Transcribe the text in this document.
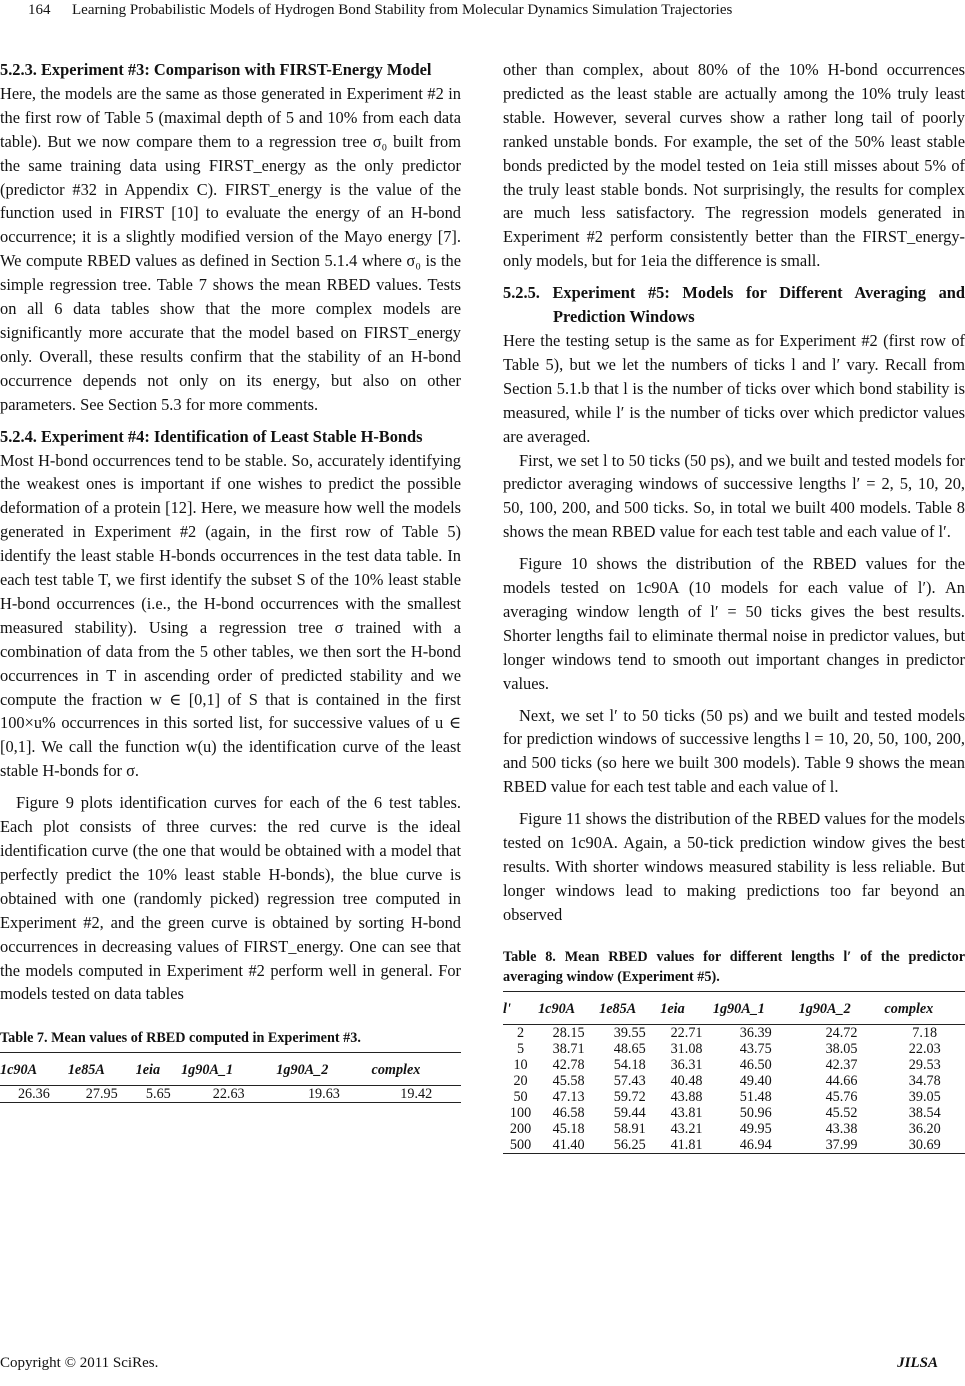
164 Learning Probabilistic Models of Hydrogen Bond Stability from Molecular Dynamics Simulation Trajectories
5.2.3. Experiment #3: Comparison with FIRST-Energy Model

Here, the models are the same as those generated in Experiment #2 in the first row of Table 5 (maximal depth of 5 and 10% from each data table). But we now compare them to a regression tree σ₀ built from the same training data using FIRST_energy as the only predictor (predictor #32 in Appendix C). FIRST_energy is the value of the function used in FIRST [10] to evaluate the energy of an H-bond occurrence; it is a slightly modified version of the Mayo energy [7]. We compute RBED values as defined in Section 5.1.4 where σ₀ is the simple regression tree. Table 7 shows the mean RBED values. Tests on all 6 data tables show that the more complex models are significantly more accurate that the model based on FIRST_energy only. Overall, these results confirm that the stability of an H-bond occurrence depends not only on its energy, but also on other parameters. See Section 5.3 for more comments.

5.2.4. Experiment #4: Identification of Least Stable H-Bonds

Most H-bond occurrences tend to be stable. So, accurately identifying the weakest ones is important if one wishes to predict the possible deformation of a protein [12]. Here, we measure how well the models generated in Experiment #2 (again, in the first row of Table 5) identify the least stable H-bonds occurrences in the test data table. In each test table T, we first identify the subset S of the 10% least stable H-bond occurrences (i.e., the H-bond occurrences with the smallest measured stability). Using a regression tree σ trained with a combination of data from the 5 other tables, we then sort the H-bond occurrences in T in ascending order of predicted stability and we compute the fraction w ∈ [0,1] of S that is contained in the first 100×u% occurrences in this sorted list, for successive values of u ∈ [0,1]. We call the function w(u) the identification curve of the least stable H-bonds for σ.

Figure 9 plots identification curves for each of the 6 test tables. Each plot consists of three curves: the red curve is the ideal identification curve (the one that would be obtained with a model that perfectly predict the 10% least stable H-bonds), the blue curve is obtained with one (randomly picked) regression tree computed in Experiment #2, and the green curve is obtained by sorting H-bond occurrences in decreasing values of FIRST_energy. One can see that the models computed in Experiment #2 perform well in general. For models tested on data tables

Table 7. Mean values of RBED computed in Experiment #3.
1c90A	1e85A	1eia	1g90A_1	1g90A_2	complex
26.36	27.95	5.65	22.63	19.63	19.42

other than complex, about 80% of the 10% H-bond occurrences predicted as the least stable are actually among the 10% truly least stable. However, several curves show a rather long tail of poorly ranked unstable bonds. For example, the set of the 50% least stable bonds predicted by the model tested on 1eia still misses about 5% of the truly least stable bonds. Not surprisingly, the results for complex are much less satisfactory. The regression models generated in Experiment #2 perform consistently better than the FIRST_energy-only models, but for 1eia the difference is small.

5.2.5. Experiment #5: Models for Different Averaging and Prediction Windows

Here the testing setup is the same as for Experiment #2 (first row of Table 5), but we let the numbers of ticks l and l′ vary. Recall from Section 5.1.b that l is the number of ticks over which bond stability is measured, while l′ is the number of ticks over which predictor values are averaged.

First, we set l to 50 ticks (50 ps), and we built and tested models for predictor averaging windows of successive lengths l′ = 2, 5, 10, 20, 50, 100, 200, and 500 ticks. So, in total we built 400 models. Table 8 shows the mean RBED value for each test table and each value of l′.

Figure 10 shows the distribution of the RBED values for the models tested on 1c90A (10 models for each value of l′). An averaging window length of l′ = 50 ticks gives the best results. Shorter lengths fail to eliminate thermal noise in predictor values, but longer windows tend to smooth out important changes in predictor values.

Next, we set l′ to 50 ticks (50 ps) and we built and tested models for prediction windows of successive lengths l = 10, 20, 50, 100, 200, and 500 ticks (so here we built 300 models). Table 9 shows the mean RBED value for each test table and each value of l.

Figure 11 shows the distribution of the RBED values for the models tested on 1c90A. Again, a 50-tick prediction window gives the best results. With shorter windows measured stability is less reliable. But longer windows lead to making predictions too far beyond an observed

Table 8. Mean RBED values for different lengths l′ of the predictor averaging window (Experiment #5).
l'	1c90A	1e85A	1eia	1g90A_1	1g90A_2	complex
2	28.15	39.55	22.71	36.39	24.72	7.18
5	38.71	48.65	31.08	43.75	38.05	22.03
10	42.78	54.18	36.31	46.50	42.37	29.53
20	45.58	57.43	40.48	49.40	44.66	34.78
50	47.13	59.72	43.88	51.48	45.76	39.05
100	46.58	59.44	43.81	50.96	45.52	38.54
200	45.18	58.91	43.21	49.95	43.38	36.20
500	41.40	56.25	41.81	46.94	37.99	30.69
Copyright © 2011 SciRes.	JILSA
